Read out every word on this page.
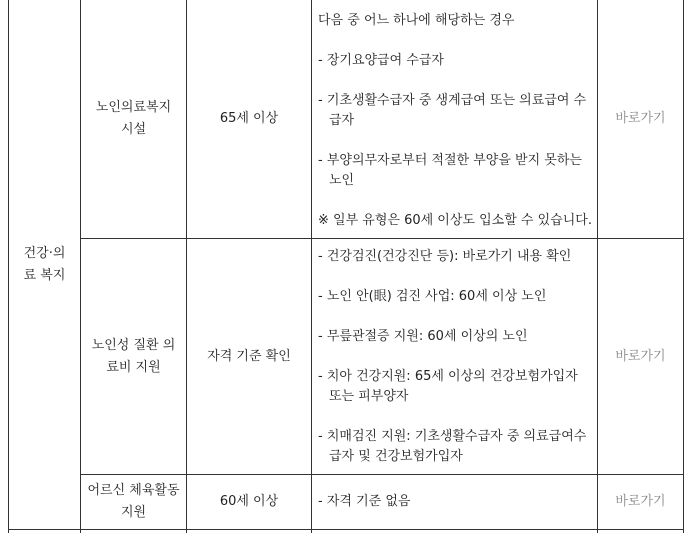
건강·의료 복지
노인의료복지시설
65세 이상
다음 중 어느 하나에 해당하는 경우
- 장기요양급여 수급자
- 기초생활수급자 중 생계급여 또는 의료급여 수급자
- 부양의무자로부터 적절한 부양을 받지 못하는 노인
※ 일부 유형은 60세 이상도 입소할 수 있습니다.
바로가기
노인성 질환 의료비 지원
자격 기준 확인
- 건강검진(건강진단 등): 바로가기 내용 확인
- 노인 안(眼) 검진 사업: 60세 이상 노인
- 무릎관절증 지원: 60세 이상의 노인
- 치아 건강지원: 65세 이상의 건강보험가입자 또는 피부양자
- 치매검진 지원: 기초생활수급자 중 의료급여수급자 및 건강보험가입자
바로가기
어르신 체육활동 지원
60세 이상	- 자격 기준 없음	바로가기
